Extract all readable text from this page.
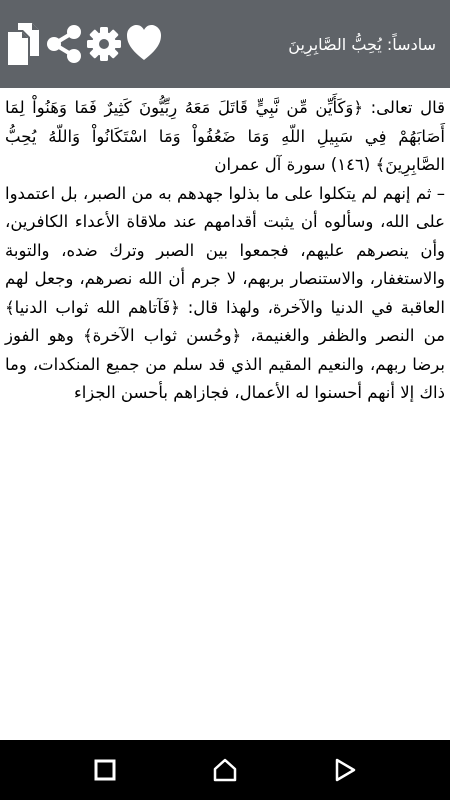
سادساً: يُحِبُّ الصَّابِرِينَ

قال تعالى: ﴿وَكَأَيِّن مِّن نَّبِيٍّ قَاتَلَ مَعَهُ رِبِّيُّونَ كَثِيرٌ فَمَا وَهَنُواْ لِمَا أَصَابَهُمْ فِي سَبِيلِ اللّهِ وَمَا ضَعُفُواْ وَمَا اسْتَكَانُواْ وَاللّهُ يُحِبُّ الصَّابِرِينَ﴾ (١٤٦) سورة آل عمران

– ثم إنهم لم يتكلوا على ما بذلوا جهدهم به من الصبر، بل اعتمدوا على الله، وسألوه أن يثبت أقدامهم عند ملاقاة الأعداء الكافرين، وأن ينصرهم عليهم، فجمعوا بين الصبر وترك ضده، والتوبة والاستغفار، والاستنصار بربهم، لا جرم أن الله نصرهم، وجعل لهم العاقبة في الدنيا والآخرة، ولهذا قال: ﴿فَآتاهم الله ثواب الدنيا﴾ من النصر والظفر والغنيمة، ﴿وحُسن ثواب الآخرة﴾ وهو الفوز برضا ربهم، والنعيم المقيم الذي قد سلم من جميع المنكدات، وما ذاك إلا أنهم أحسنوا له الأعمال، فجازاهم بأحسن الجزاء
